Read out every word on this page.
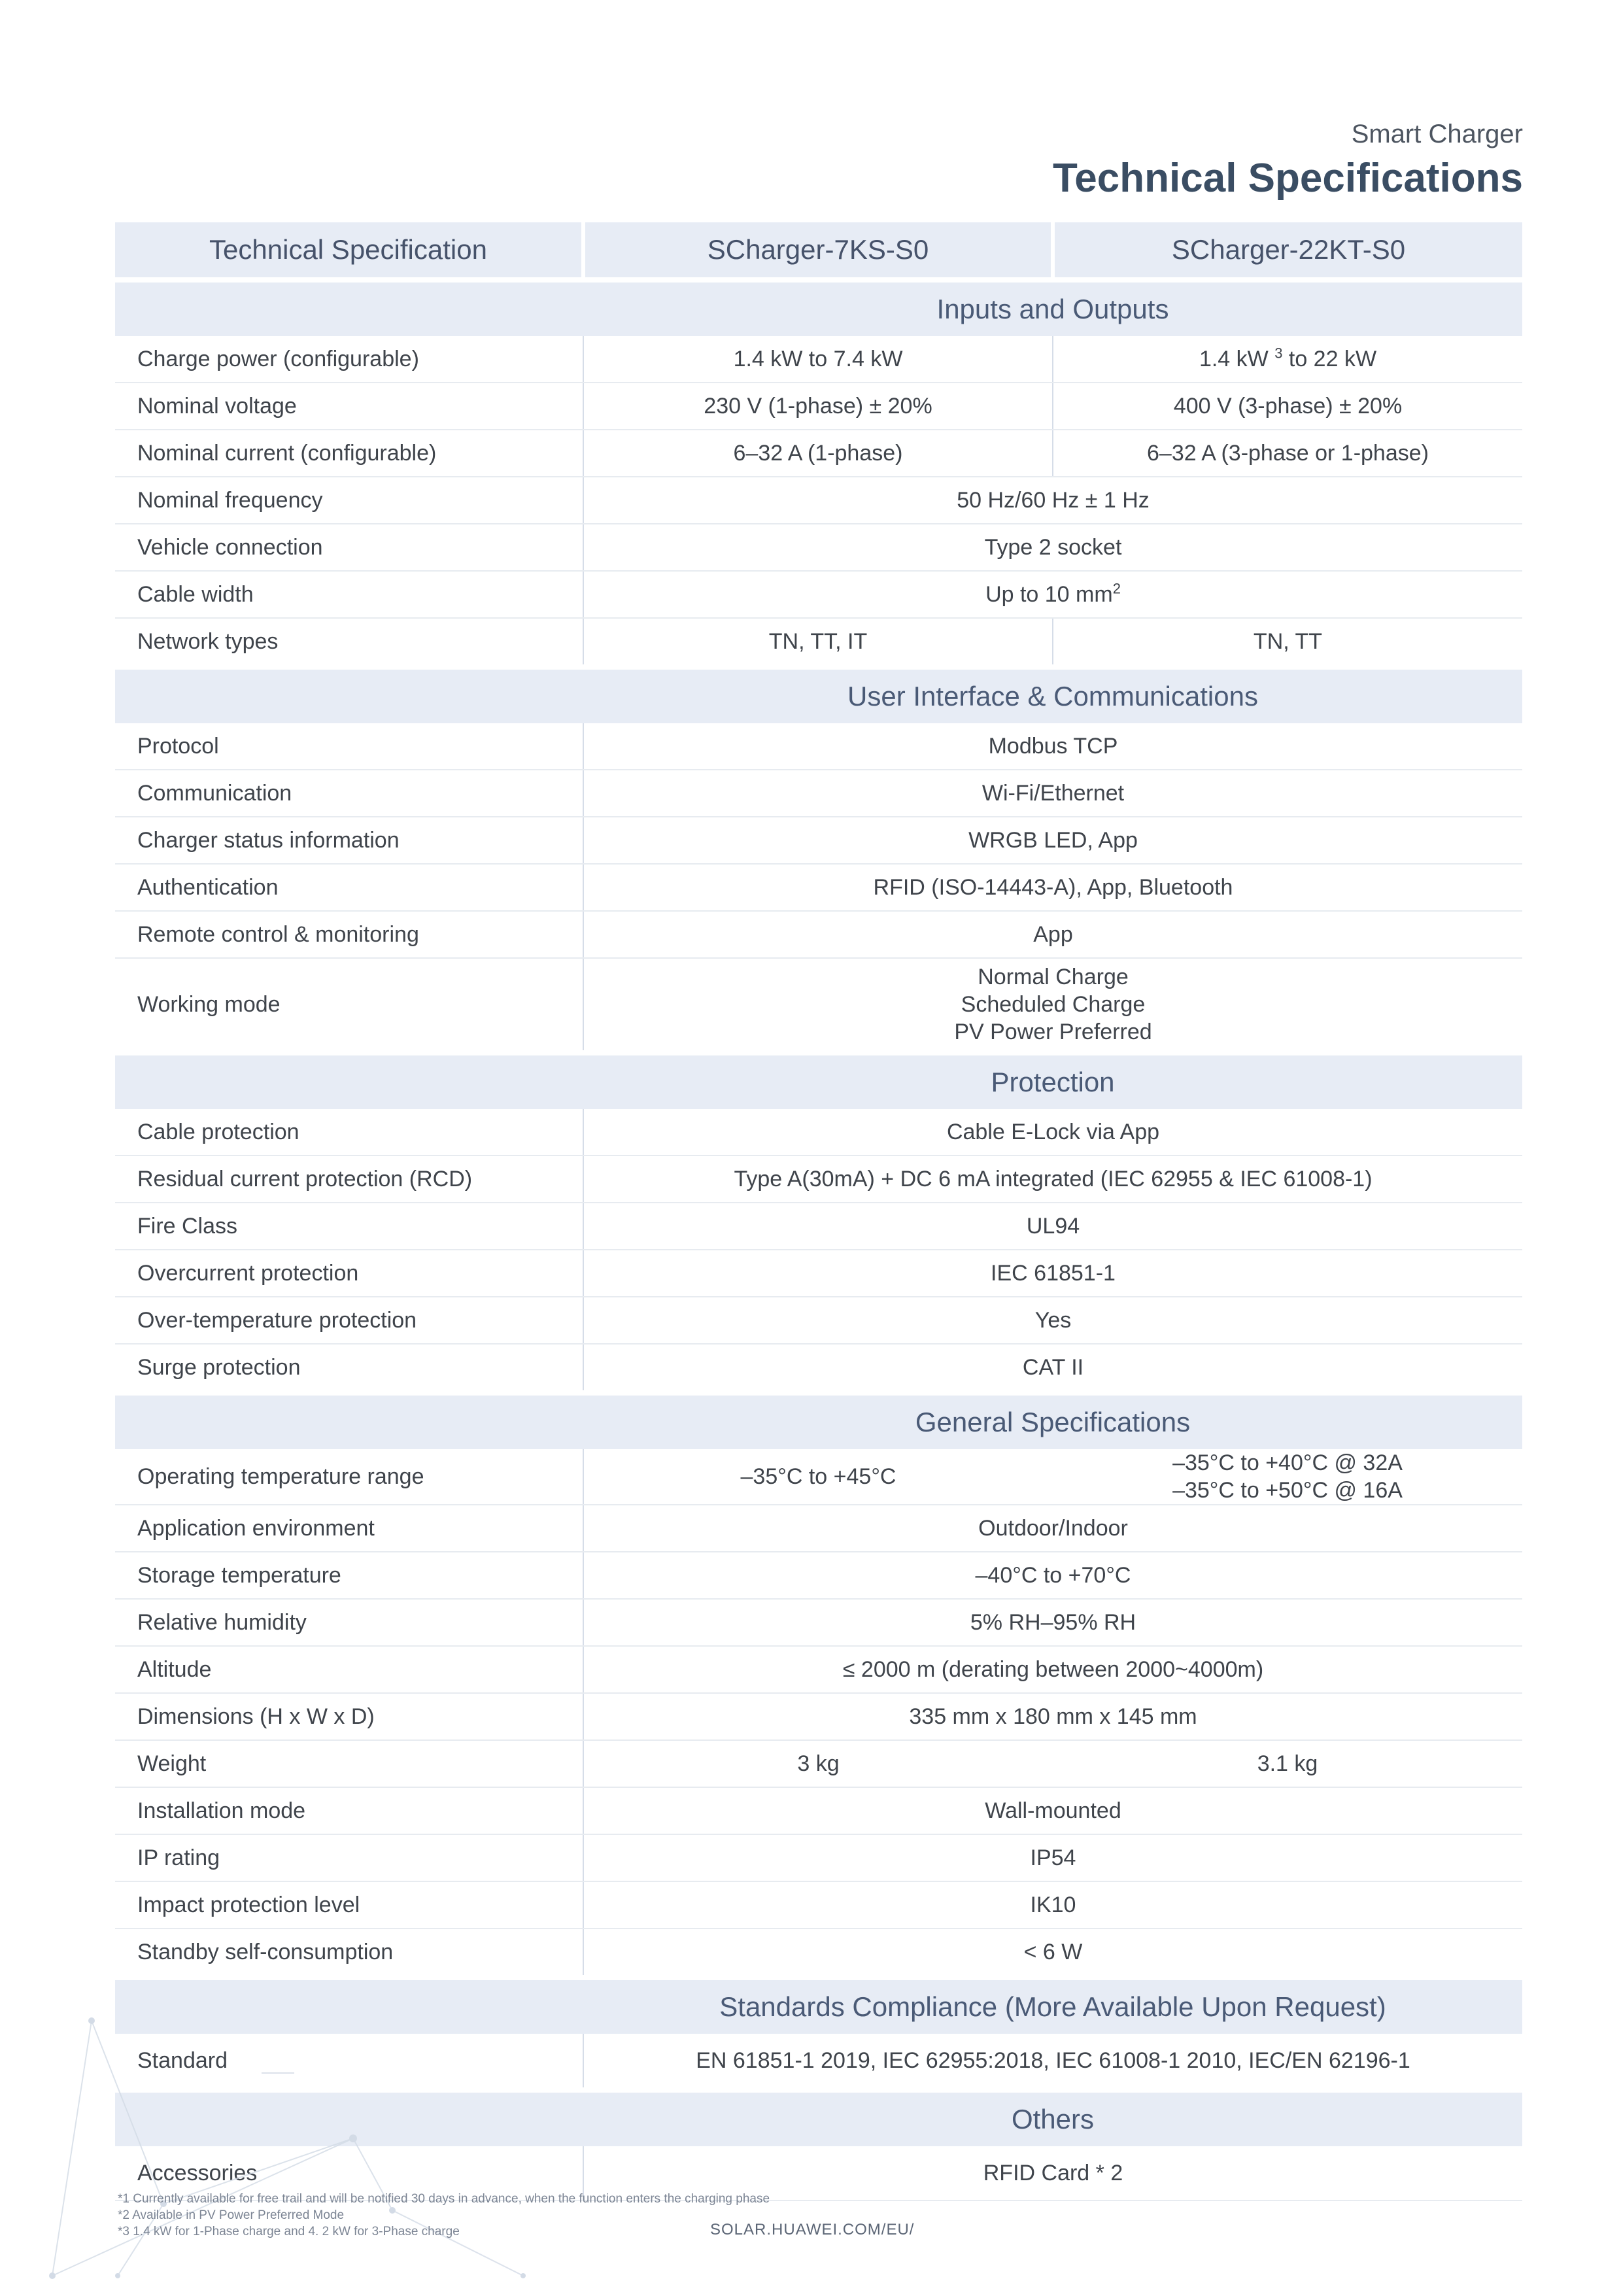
Smart Charger
Technical Specifications
Technical Specification	SCharger-7KS-S0	SCharger-22KT-S0

Inputs and Outputs		

Charge power (configurable)	1.4 kW to 7.4 kW	1.4 kW $^3$ to 22 kW
Nominal voltage	230 V (1-phase) ± 20%	400 V (3-phase) ± 20%
Nominal current (configurable)	6–32 A (1-phase)	6–32 A (3-phase or 1-phase)
Nominal frequency	50 Hz/60 Hz ± 1 Hz	
Vehicle connection	Type 2 socket	
Cable width	Up to 10 $mm^2$
Network types	TN, TT, IT	TN, TT

User Interface & Communications		

Protocol	Modbus TCP	
Communication	Wi-Fi/Ethernet	
Charger status information	WRGB LED, App	
Authentication	RFID (ISO-14443-A), App, Bluetooth	
Remote control & monitoring	App	
Working mode	Normal Charge
Scheduled Charge
PV Power Preferred	

Protection		

Cable protection	Cable E-Lock via App	
Residual current protection (RCD)	Type A(30mA) + DC 6 mA integrated (IEC 62955 & IEC 61008-1)	
Fire Class	UL94	
Overcurrent protection	IEC 61851-1	
Over-temperature protection	Yes	
Surge protection	CAT II	

General Specifications		

Operating temperature range	–35°C to +45°C	–35°C to +40°C @ 32A
–35°C to +50°C @ 16A

Application environment	Outdoor/Indoor	
Storage temperature	–40°C to +70°C	
Relative humidity	5% RH–95% RH	
Altitude	≤ 2000 m (derating between 2000~4000m)	
Dimensions (H x W x D)	335 mm x 180 mm x 145 mm	
Weight	3 kg	3.1 kg
Installation mode	Wall-mounted	
IP rating	IP54	
Impact protection level	IK10	
Standby self-consumption	< 6 W	

Standards Compliance (More Available Upon Request)		

Standard	EN 61851-1 2019, IEC 62955:2018, IEC 61008-1 2010, IEC/EN 62196-1	

Others		

Accessories	RFID Card * 2	
*1 Currently available for free trail and will be notified 30 days in advance, when the function enters the charging phase
*2 Available in PV Power Preferred Mode
*3 1.4 kW for 1-Phase charge and 4. 2 kW for 3-Phase charge	SOLAR.HUAWEI.COM/EU/
